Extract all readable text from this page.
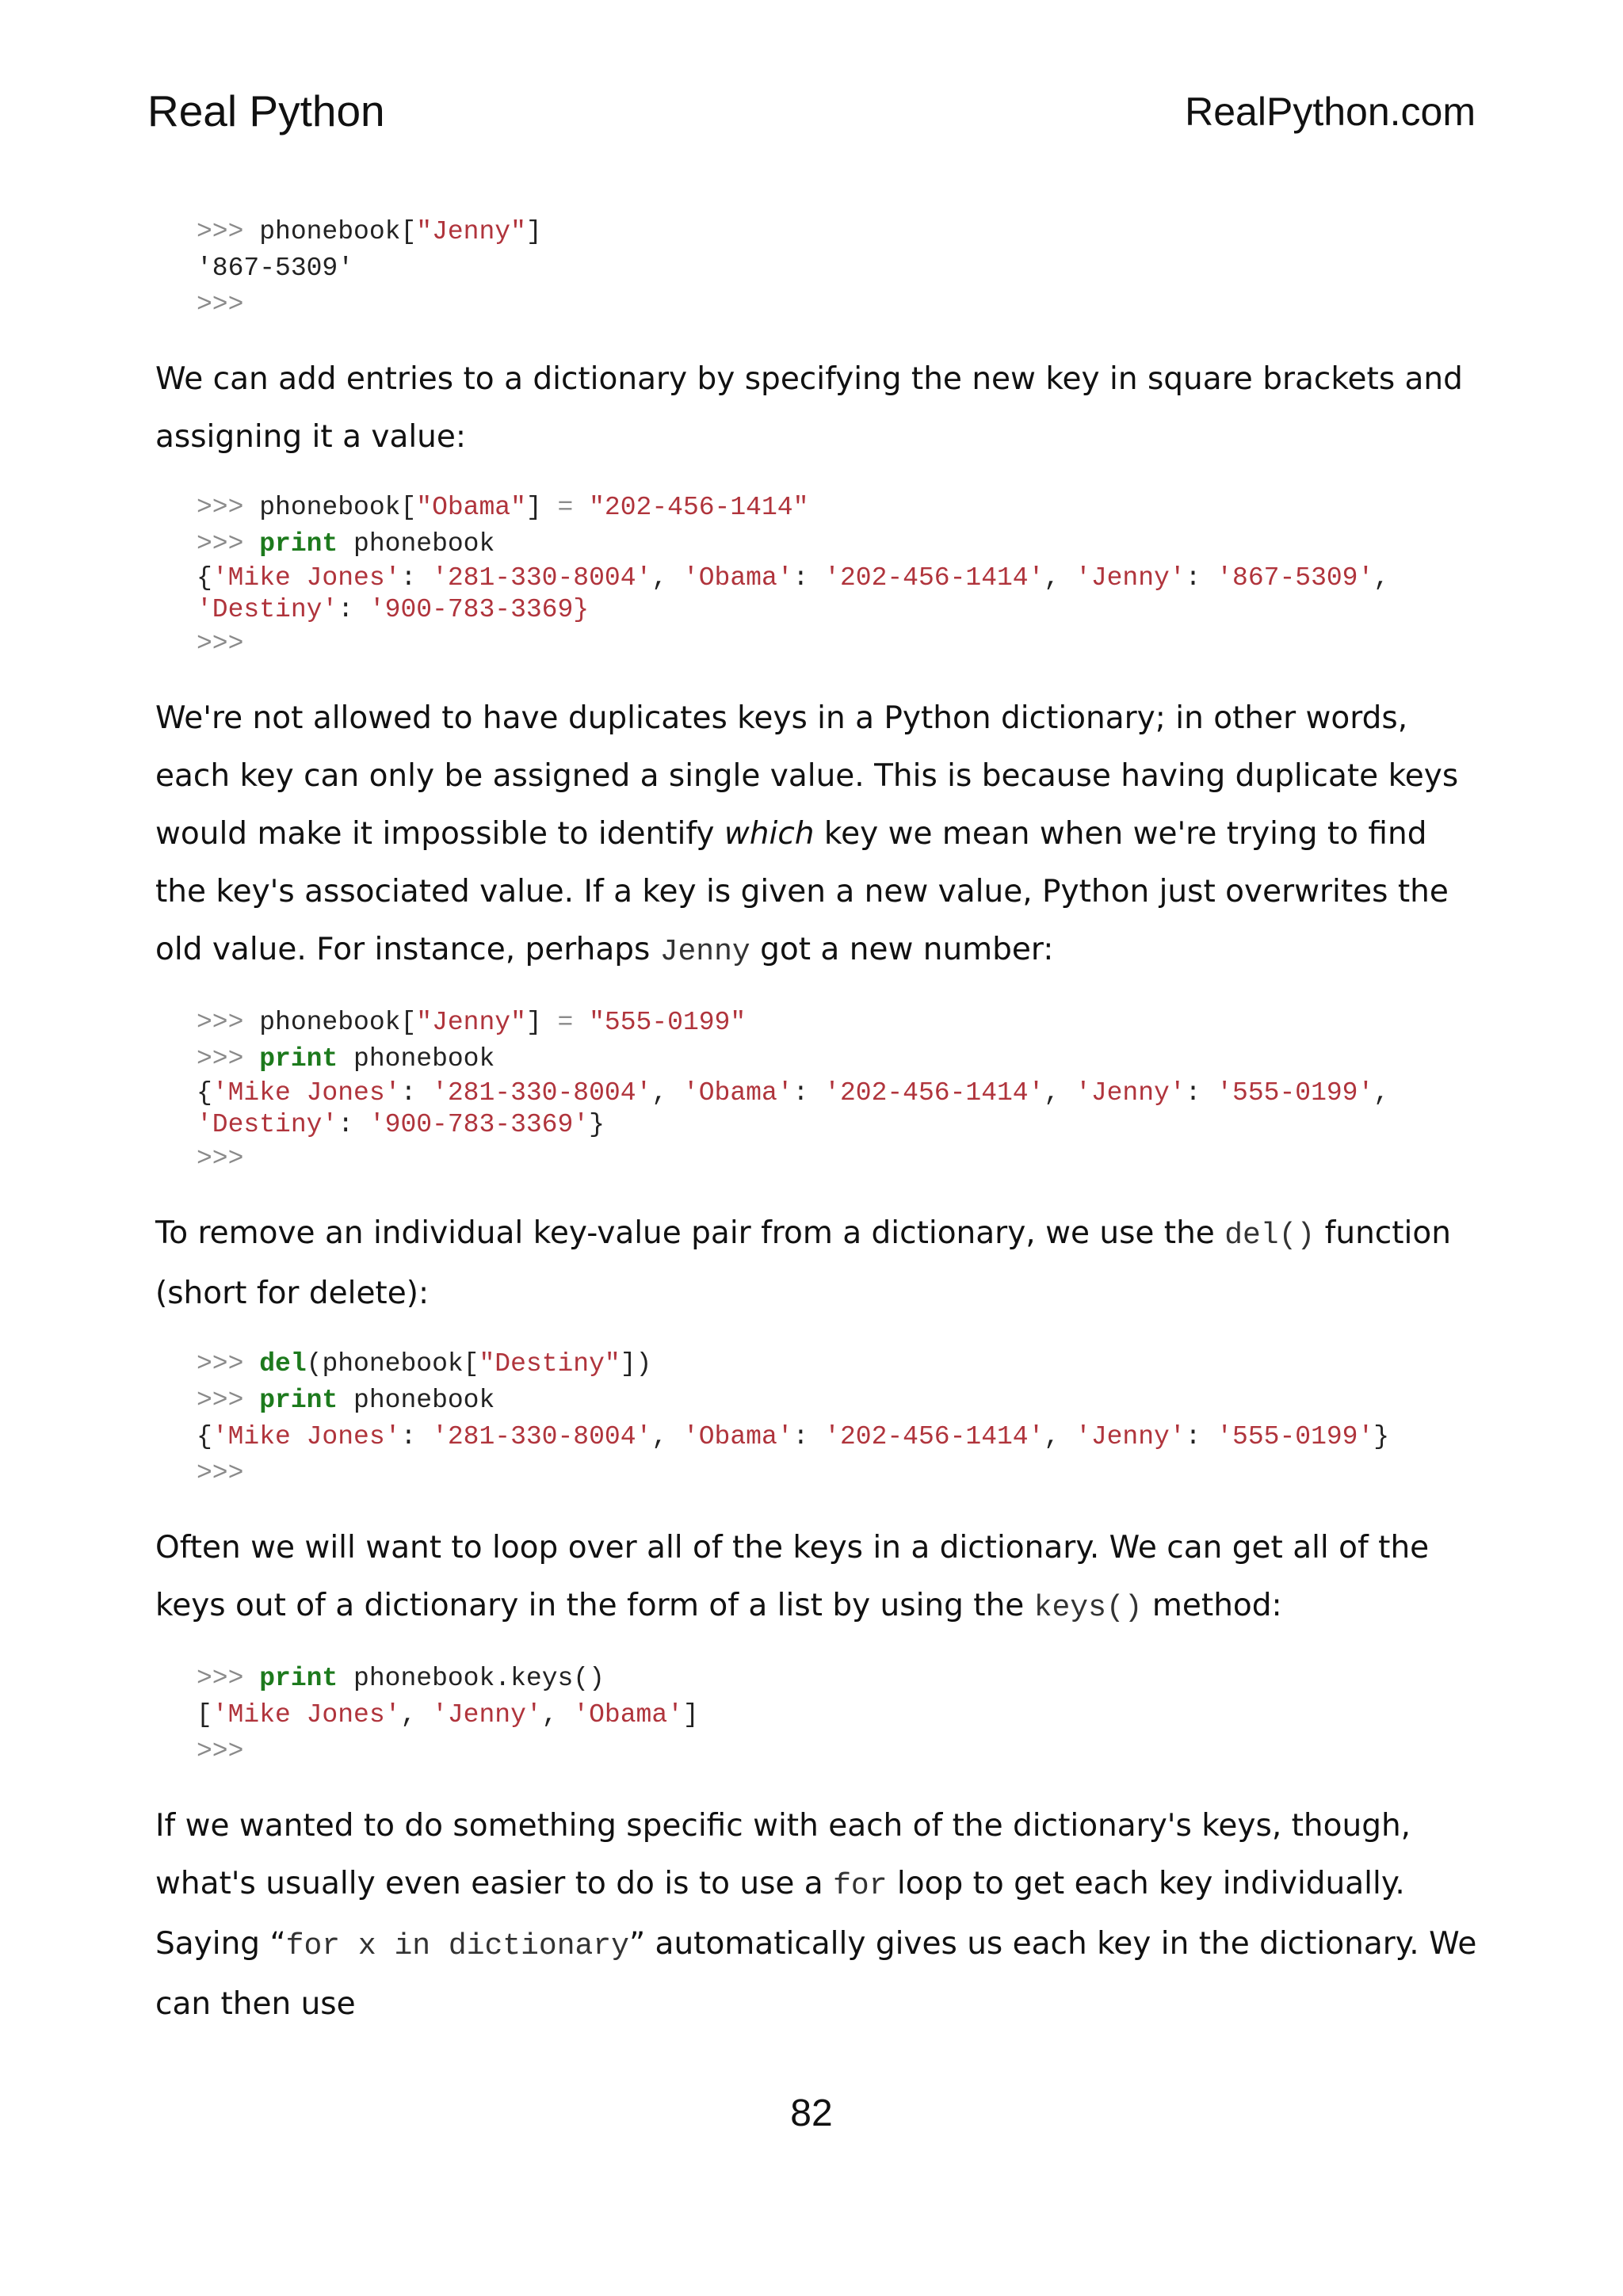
Real Python	RealPython.com
>>> phonebook["Jenny"]
'867-5309'
>>>

We can add entries to a dictionary by specifying the new key in square brackets and assigning it a value:

>>> phonebook["Obama"] = "202-456-1414"
>>> print phonebook
{'Mike Jones': '281-330-8004', 'Obama': '202-456-1414', 'Jenny': '867-5309',
'Destiny': '900-783-3369}
>>>

We're not allowed to have duplicates keys in a Python dictionary; in other words, each key can only be assigned a single value. This is because having duplicate keys would make it impossible to identify which key we mean when we're trying to find the key's associated value. If a key is given a new value, Python just overwrites the old value. For instance, perhaps Jenny got a new number:

>>> phonebook["Jenny"] = "555-0199"
>>> print phonebook
{'Mike Jones': '281-330-8004', 'Obama': '202-456-1414', 'Jenny': '555-0199',
'Destiny': '900-783-3369'}
>>>

To remove an individual key-value pair from a dictionary, we use the del() function (short for delete):

>>> del(phonebook["Destiny"])
>>> print phonebook
{'Mike Jones': '281-330-8004', 'Obama': '202-456-1414', 'Jenny': '555-0199'}
>>>

Often we will want to loop over all of the keys in a dictionary. We can get all of the keys out of a dictionary in the form of a list by using the keys() method:

>>> print phonebook.keys()
['Mike Jones', 'Jenny', 'Obama']
>>>

If we wanted to do something specific with each of the dictionary's keys, though, what's usually even easier to do is to use a for loop to get each key individually. Saying “for x in dictionary” automatically gives us each key in the dictionary. We can then use

82
